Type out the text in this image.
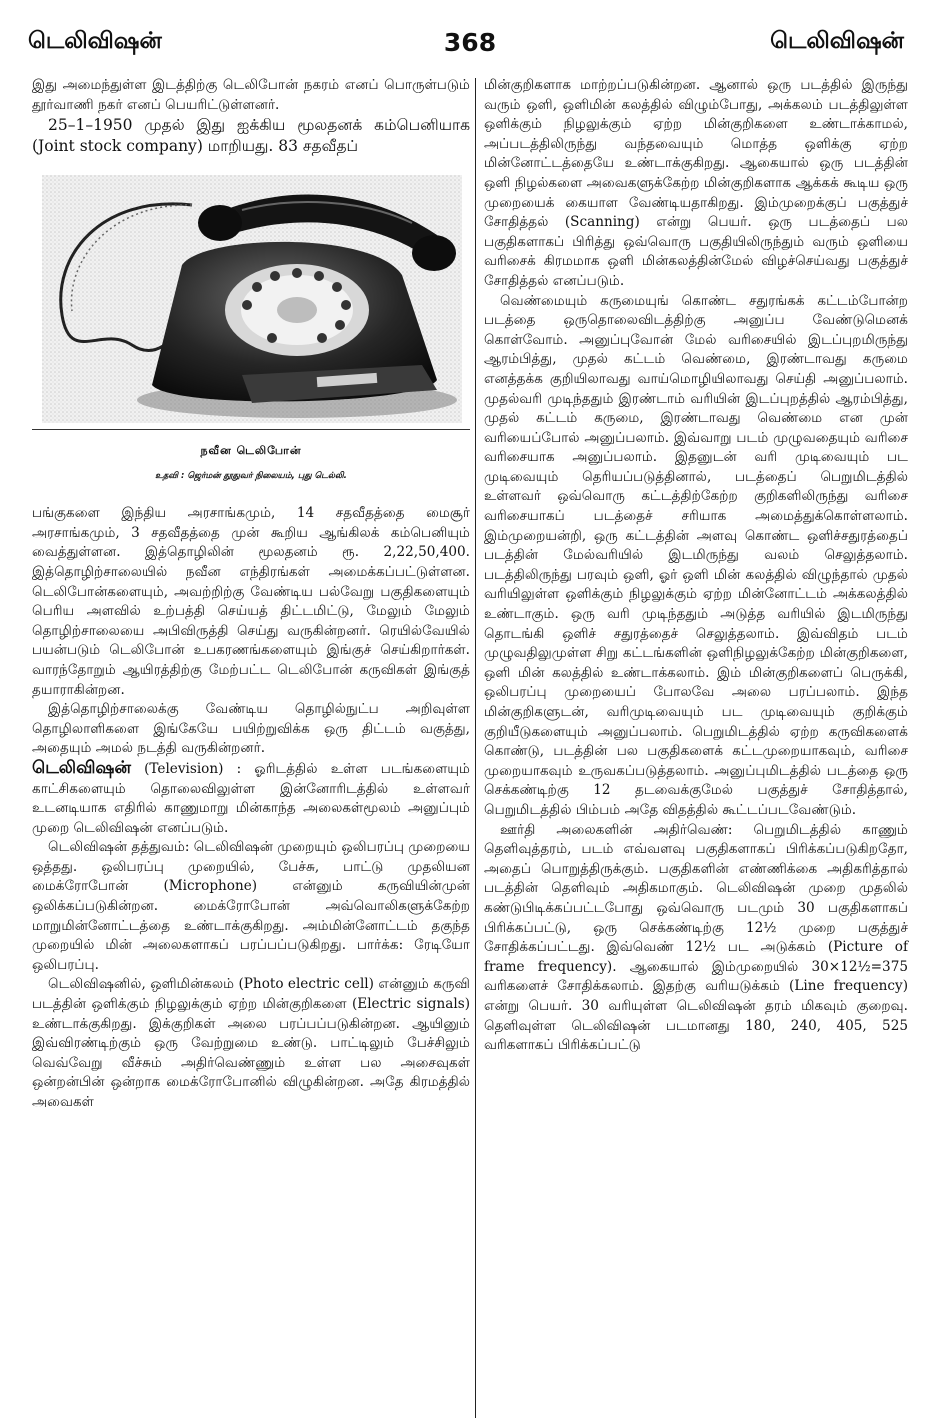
டெலிவிஷன்	368	டெலிவிஷன்

இது அமைந்துள்ள இடத்திற்கு டெலிபோன் நகரம் எனப் பொருள்படும் தூர்வாணி நகர் எனப் பெயரிட்டுள்ளனர்.

25–1–1950 முதல் இது ஐக்கிய மூலதனக் கம்பெனியாக (Joint stock company) மாறியது. 83 சதவீதப்

நவீன டெலிபோன்
உதவி : ஜெர்மன் தூதுவர் நிலையம், புது டெல்லி.

பங்குகளை இந்திய அரசாங்கமும், 14 சதவீதத்தை மைசூர் அரசாங்கமும், 3 சதவீதத்தை முன் கூறிய ஆங்கிலக் கம்பெனியும் வைத்துள்ளன. இத்தொழிலின் மூலதனம் ரூ. 2,22,50,400. இத்தொழிற்சாலையில் நவீன எந்திரங்கள் அமைக்கப்பட்டுள்ளன. டெலிபோன்களையும், அவற்றிற்கு வேண்டிய பல்வேறு பகுதிகளையும் பெரிய அளவில் உற்பத்தி செய்யத் திட்டமிட்டு, மேலும் மேலும் தொழிற்சாலையை அபிவிருத்தி செய்து வருகின்றனர். ரெயில்வேயில் பயன்படும் டெலிபோன் உபகரணங்களையும் இங்குச் செய்கிறார்கள். வாரந்தோறும் ஆயிரத்திற்கு மேற்பட்ட டெலிபோன் கருவிகள் இங்குத் தயாராகின்றன.

இத்தொழிற்சாலைக்கு வேண்டிய தொழில்நுட்ப அறிவுள்ள தொழிலாளிகளை இங்கேயே பயிற்றுவிக்க ஒரு திட்டம் வகுத்து, அதையும் அமல் நடத்தி வருகின்றனர்.

டெலிவிஷன் (Television) : ஓரிடத்தில் உள்ள படங்களையும் காட்சிகளையும் தொலைவிலுள்ள இன்னோரிடத்தில் உள்ளவர் உடனடியாக எதிரில் காணுமாறு மின்காந்த அலைகள்மூலம் அனுப்பும் முறை டெலிவிஷன் எனப்படும்.

டெலிவிஷன் தத்துவம்: டெலிவிஷன் முறையும் ஒலிபரப்பு முறையை ஒத்தது. ஒலிபரப்பு முறையில், பேச்சு, பாட்டு முதலியன மைக்ரோபோன் (Microphone) என்னும் கருவியின்முன் ஒலிக்கப்படுகின்றன. மைக்ரோபோன் அவ்வொலிகளுக்கேற்ற மாறுமின்னோட்டத்தை உண்டாக்குகிறது. அம்மின்னோட்டம் தகுந்த முறையில் மின் அலைகளாகப் பரப்பப்படுகிறது. பார்க்க: ரேடியோ ஒலிபரப்பு.

டெலிவிஷனில், ஒளிமின்கலம் (Photo electric cell) என்னும் கருவி படத்தின் ஒளிக்கும் நிழலுக்கும் ஏற்ற மின்குறிகளை (Electric signals) உண்டாக்குகிறது. இக்குறிகள் அலை பரப்பப்படுகின்றன. ஆயினும் இவ்விரண்டிற்கும் ஒரு வேற்றுமை உண்டு. பாட்டிலும் பேச்சிலும் வெவ்வேறு வீச்சும் அதிர்வெண்ணும் உள்ள பல அசைவுகள் ஒன்றன்பின் ஒன்றாக மைக்ரோபோனில் விழுகின்றன. அதே கிரமத்தில் அவைகள்

மின்குறிகளாக மாற்றப்படுகின்றன. ஆனால் ஒரு படத்தில் இருந்து வரும் ஒளி, ஒளிமின் கலத்தில் விழும்போது, அக்கலம் படத்திலுள்ள ஒளிக்கும் நிழலுக்கும் ஏற்ற மின்குறிகளை உண்டாக்காமல், அப்படத்திலிருந்து வந்தவையும் மொத்த ஒளிக்கு ஏற்ற மின்னோட்டத்தையே உண்டாக்குகிறது. ஆகையால் ஒரு படத்தின் ஒளி நிழல்களை அவைகளுக்கேற்ற மின்குறிகளாக ஆக்கக் கூடிய ஒரு முறையைக் கையாள வேண்டியதாகிறது. இம்முறைக்குப் பகுத்துச் சோதித்தல் (Scanning) என்று பெயர். ஒரு படத்தைப் பல பகுதிகளாகப் பிரித்து ஒவ்வொரு பகுதியிலிருந்தும் வரும் ஒளியை வரிசைக் கிரமமாக ஒளி மின்கலத்தின்மேல் விழச்செய்வது பகுத்துச் சோதித்தல் எனப்படும்.

வெண்மையும் கருமையுங் கொண்ட சதுரங்கக் கட்டம்போன்ற படத்தை ஒருதொலைவிடத்திற்கு அனுப்ப வேண்டுமெனக் கொள்வோம். அனுப்புவோன் மேல் வரிசையில் இடப்புறமிருந்து ஆரம்பித்து, முதல் கட்டம் வெண்மை, இரண்டாவது கருமை எனத்தக்க குறியிலாவது வாய்மொழியிலாவது செய்தி அனுப்பலாம். முதல்வரி முடிந்ததும் இரண்டாம் வரியின் இடப்புறத்தில் ஆரம்பித்து, முதல் கட்டம் கருமை, இரண்டாவது வெண்மை என முன் வரியைப்போல் அனுப்பலாம். இவ்வாறு படம் முழுவதையும் வரிசை வரிசையாக அனுப்பலாம். இதனுடன் வரி முடிவையும் பட முடிவையும் தெரியப்படுத்தினால், படத்தைப் பெறுமிடத்தில் உள்ளவர் ஒவ்வொரு கட்டத்திற்கேற்ற குறிகளிலிருந்து வரிசை வரிசையாகப் படத்தைச் சரியாக அமைத்துக்கொள்ளலாம். இம்முறையன்றி, ஒரு கட்டத்தின் அளவு கொண்ட ஒளிச்சதுரத்தைப் படத்தின் மேல்வரியில் இடமிருந்து வலம் செலுத்தலாம். படத்திலிருந்து பரவும் ஒளி, ஓர் ஒளி மின் கலத்தில் விழுந்தால் முதல் வரியிலுள்ள ஒளிக்கும் நிழலுக்கும் ஏற்ற மின்னோட்டம் அக்கலத்தில் உண்டாகும். ஒரு வரி முடிந்ததும் அடுத்த வரியில் இடமிருந்து தொடங்கி ஒளிச் சதுரத்தைச் செலுத்தலாம். இவ்விதம் படம் முழுவதிலுமுள்ள சிறு கட்டங்களின் ஒளிநிழலுக்கேற்ற மின்குறிகளை, ஒளி மின் கலத்தில் உண்டாக்கலாம். இம் மின்குறிகளைப் பெருக்கி, ஒலிபரப்பு முறையைப் போலவே அலை பரப்பலாம். இந்த மின்குறிகளுடன், வரிமுடிவையும் பட முடிவையும் குறிக்கும் குறியீடுகளையும் அனுப்பலாம். பெறுமிடத்தில் ஏற்ற கருவிகளைக் கொண்டு, படத்தின் பல பகுதிகளைக் கட்டமுறையாகவும், வரிசை முறையாகவும் உருவகப்படுத்தலாம். அனுப்புமிடத்தில் படத்தை ஒரு செக்கண்டிற்கு 12 தடவைக்குமேல் பகுத்துச் சோதித்தால், பெறுமிடத்தில் பிம்பம் அதே விதத்தில் கூட்டப்படவேண்டும்.

ஊர்தி அலைகளின் அதிர்வெண்: பெறுமிடத்தில் காணும் தெளிவுத்தரம், படம் எவ்வளவு பகுதிகளாகப் பிரிக்கப்படுகிறதோ, அதைப் பொறுத்திருக்கும். பகுதிகளின் எண்ணிக்கை அதிகரித்தால் படத்தின் தெளிவும் அதிகமாகும். டெலிவிஷன் முறை முதலில் கண்டுபிடிக்கப்பட்டபோது ஒவ்வொரு படமும் 30 பகுதிகளாகப் பிரிக்கப்பட்டு, ஒரு செக்கண்டிற்கு 12½ முறை பகுத்துச் சோதிக்கப்பட்டது. இவ்வெண் 12½ பட அடுக்கம் (Picture of frame frequency). ஆகையால் இம்முறையில் 30×12½=375 வரிகளைச் சோதிக்கலாம். இதற்கு வரியடுக்கம் (Line frequency) என்று பெயர். 30 வரியுள்ள டெலிவிஷன் தரம் மிகவும் குறைவு. தெளிவுள்ள டெலிவிஷன் படமானது 180, 240, 405, 525 வரிகளாகப் பிரிக்கப்பட்டு
